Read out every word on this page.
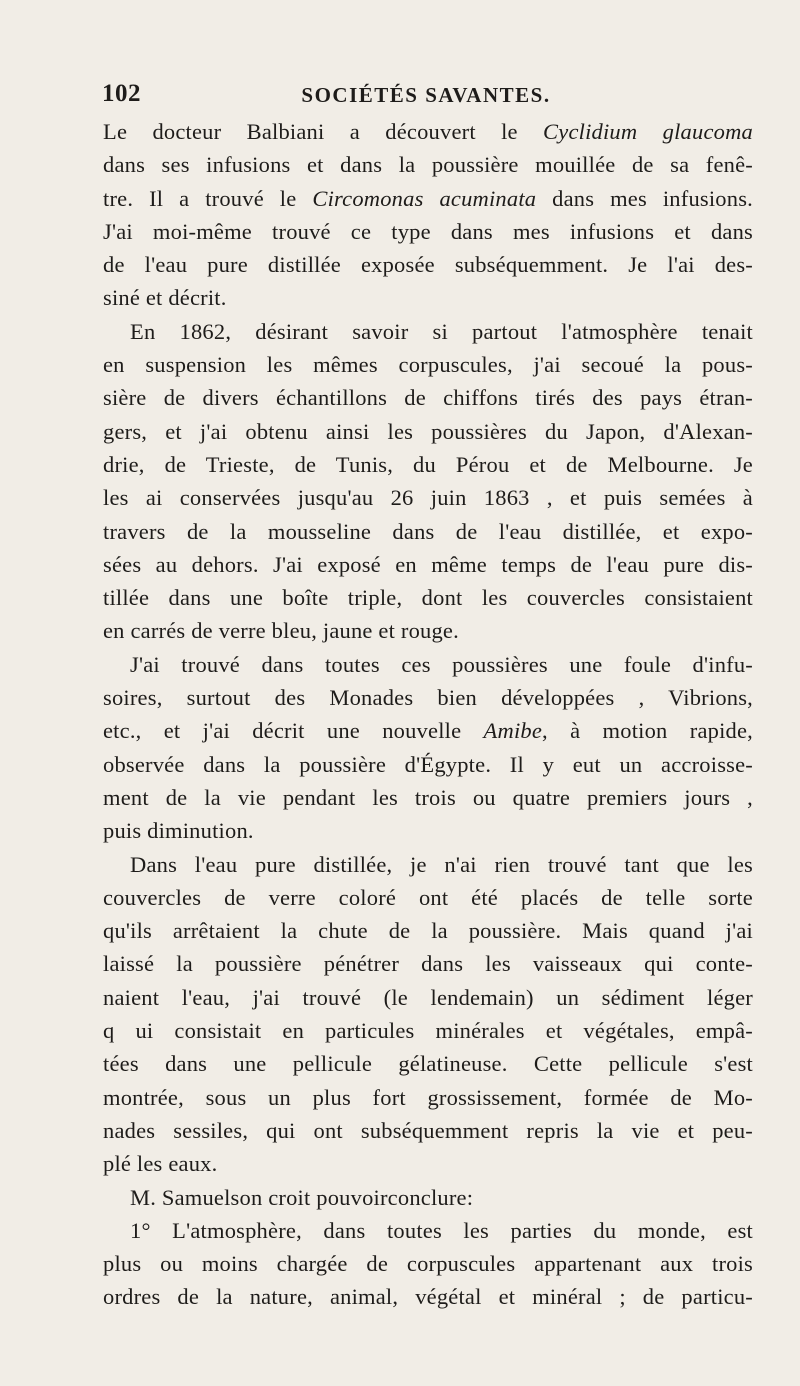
102	SOCIÉTÉS SAVANTES.
Le docteur Balbiani a découvert le Cyclidium glaucoma
dans ses infusions et dans la poussière mouillée de sa fenê-
tre. Il a trouvé le Circomonas acuminata dans mes infusions.
J'ai moi-même trouvé ce type dans mes infusions et dans
de l'eau pure distillée exposée subséquemment. Je l'ai des-
siné et décrit.
En 1862, désirant savoir si partout l'atmosphère tenait
en suspension les mêmes corpuscules, j'ai secoué la pous-
sière de divers échantillons de chiffons tirés des pays étran-
gers, et j'ai obtenu ainsi les poussières du Japon, d'Alexan-
drie, de Trieste, de Tunis, du Pérou et de Melbourne. Je
les ai conservées jusqu'au 26 juin 1863 , et puis semées à
travers de la mousseline dans de l'eau distillée, et expo-
sées au dehors. J'ai exposé en même temps de l'eau pure dis-
tillée dans une boîte triple, dont les couvercles consistaient
en carrés de verre bleu, jaune et rouge.
J'ai trouvé dans toutes ces poussières une foule d'infu-
soires, surtout des Monades bien développées , Vibrions,
etc., et j'ai décrit une nouvelle Amibe, à motion rapide,
observée dans la poussière d'Égypte. Il y eut un accroisse-
ment de la vie pendant les trois ou quatre premiers jours ,
puis diminution.
Dans l'eau pure distillée, je n'ai rien trouvé tant que les
couvercles de verre coloré ont été placés de telle sorte
qu'ils arrêtaient la chute de la poussière. Mais quand j'ai
laissé la poussière pénétrer dans les vaisseaux qui conte-
naient l'eau, j'ai trouvé (le lendemain) un sédiment léger
q ui consistait en particules minérales et végétales, empâ-
tées dans une pellicule gélatineuse. Cette pellicule s'est
montrée, sous un plus fort grossissement, formée de Mo-
nades sessiles, qui ont subséquemment repris la vie et peu-
plé les eaux.
M. Samuelson croit pouvoirconclure:
1° L'atmosphère, dans toutes les parties du monde, est
plus ou moins chargée de corpuscules appartenant aux trois
ordres de la nature, animal, végétal et minéral ; de particu-
